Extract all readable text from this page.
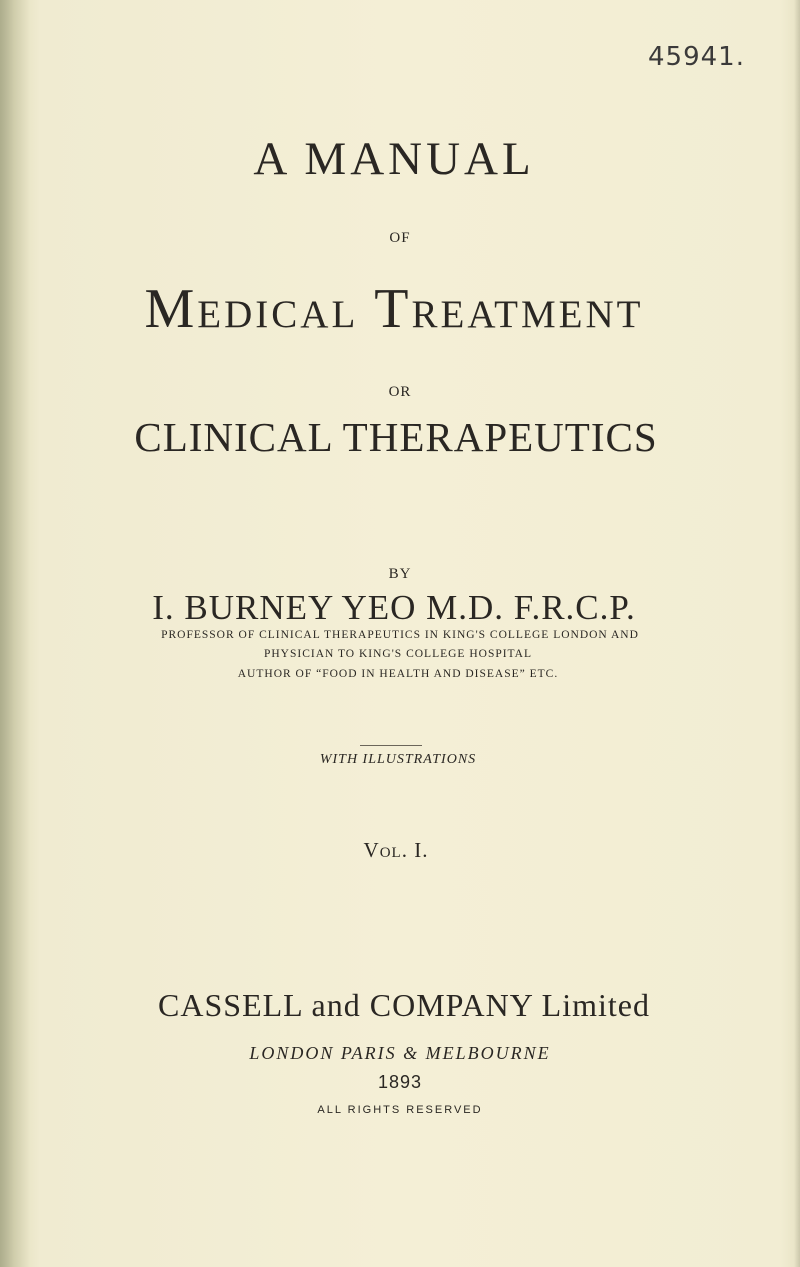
45941.
A MANUAL
OF
Medical Treatment
OR
CLINICAL THERAPEUTICS
BY
I. BURNEY YEO M.D. F.R.C.P.
PROFESSOR OF CLINICAL THERAPEUTICS IN KING'S COLLEGE LONDON AND
PHYSICIAN TO KING'S COLLEGE HOSPITAL
AUTHOR OF “FOOD IN HEALTH AND DISEASE” ETC.
WITH ILLUSTRATIONS
Vol. I.
CASSELL and COMPANY Limited
LONDON PARIS & MELBOURNE
1893
ALL RIGHTS RESERVED
